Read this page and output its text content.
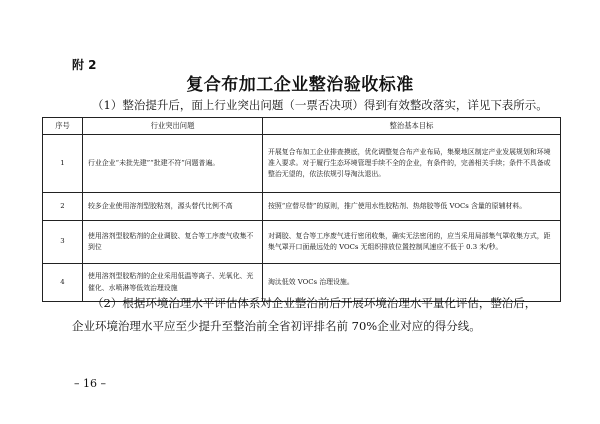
附 2
复合布加工企业整治验收标准
（1）整治提升后，面上行业突出问题（一票否决项）得到有效整改落实，详见下表所示。
序号	行业突出问题	整治基本目标
1	行业企业“未批先建”“批建不符”问题普遍。	开展复合布加工企业排查摸底，优化调整复合布产业布局，集聚地区制定产业发展规划和环境准入要求。对于履行生态环境管理手续不全的企业，有条件的，完善相关手续；条件不具备或整治无望的，依法依规引导淘汰退出。
2	较多企业使用溶剂型胶粘剂，源头替代比例不高	按照“应替尽替”的原则，推广使用水性胶粘剂、热熔胶等低 VOCs 含量的原辅材料。
3	使用溶剂型胶粘剂的企业调胶、复合等工序废气收集不到位	对调胶、复合等工序废气进行密闭收集，确实无法密闭的，应当采用局部集气罩收集方式，距集气罩开口面最远处的 VOCs 无组织排放位置控制风速应不低于 0.3 米/秒。
4	使用溶剂型胶粘剂的企业采用低温等离子、光氧化、光催化、水喷淋等低效治理设施	淘汰低效 VOCs 治理设施。
（2）根据环境治理水平评估体系对企业整治前后开展环境治理水平量化评估，整治后，
企业环境治理水平应至少提升至整治前全省初评排名前 70%企业对应的得分线。
– 16 –
